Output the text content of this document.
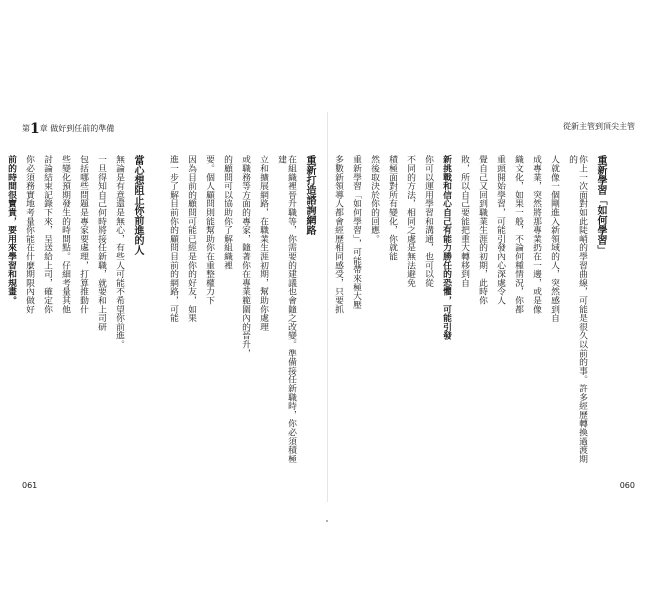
第1章 做好到任前的準備

重新打造諮詢網路

在組織裡晉升職等，你需要的建議也會隨之改變。準備接任新職時，你必須積極建

立和擴展網路，在職業生涯初期，幫助你處理

或職務等方面的專家，隨著你在專業範圍內的晉升，

的顧問可以協助你了解組織裡

要。個人顧問則能幫助你在重整權力下

因為目前的顧問可能已經是你的好友，如果

進一步了解目前你的顧問目前的網路，可能

當心想阻止你前進的人

無論是有意還是無心，有些人可能不希望你前進。

一旦得知自己何時將接任新職，就要和上司研

包括哪些問題是專家要處理，打算推動什

些變化預期發生的時間點。仔細考量其他

討論結束記錄下來，呈送給上司，確定你

你必須務實地考量你能在什麼期限內做好

前的時間很寶貴，要用來學習和規畫。

061
從新主管到頂尖主管

重新學習「如何學習」

你上一次面對如此陡峭的學習曲線，可能是很久以前的事。許多經歷轉換過渡期的

人就像一個剛進入新領域的人，突然感到自

成專業，突然將那專業扔在一邊，或是像

織文化，如果一般，不論何種情況，你都

重頭開始學習，可能引發內心深處令人

覺自己又回到職業生涯的初期，此時你

敗，所以自己要能把重大轉移到自

新挑戰和信心自己有能力勝任的恐懼，可能引發

你可以運用學習和溝通，也可以從

不同的方法，相同之處是無法避免

積極面對所有變化，你就能

然後取決於你的回應。

重新學習「如何學習」，可能帶來極大壓

多數新領導人都會經歷相同感受，只要抓

060
